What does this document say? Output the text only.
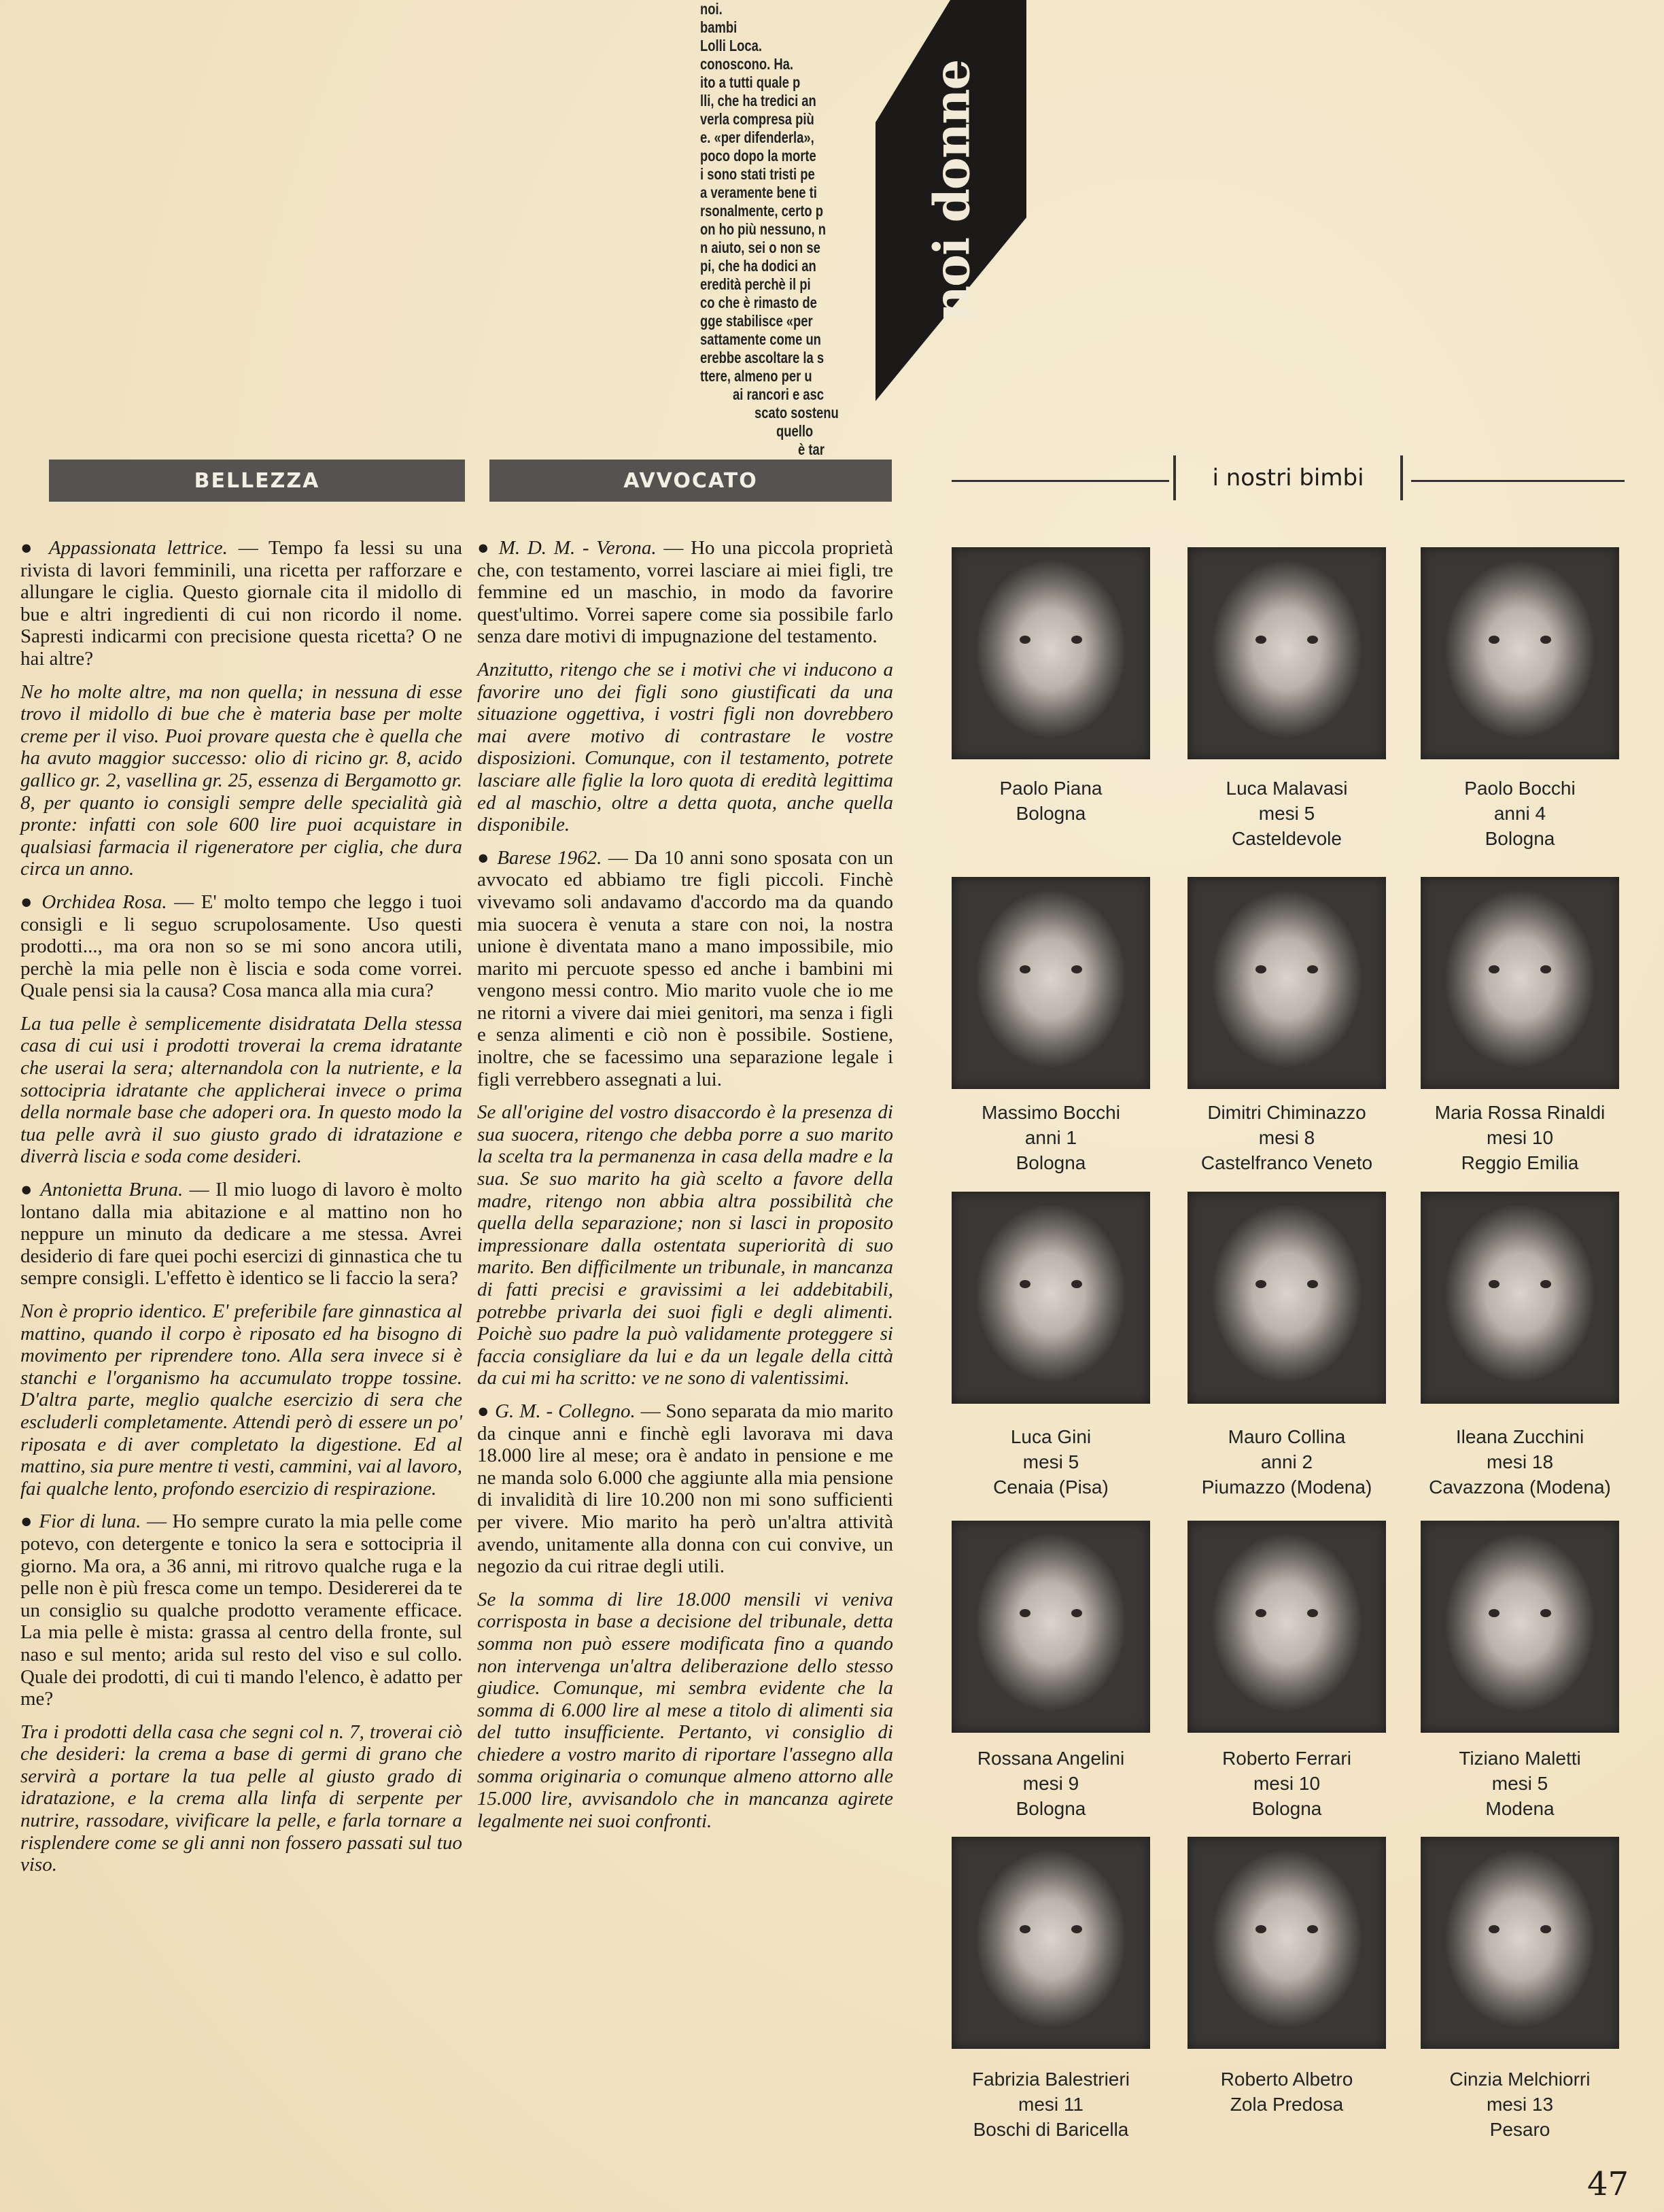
noi.
bambi
Lolli Loca.
conoscono. Ha.
ito a tutti quale p
lli, che ha tredici an
verla compresa più
e. «per difenderla»,
poco dopo la morte
i sono stati tristi pe
a veramente bene ti
rsonalmente, certo p
on ho più nessuno, n
n aiuto, sei o non se
pi, che ha dodici an
eredità perchè il pi
co che è rimasto de
gge stabilisce «per
sattamente come un
erebbe ascoltare la s
ttere, almeno per u
ai rancori e asc
scato sostenu
quello
è tar
noi donne
BELLEZZA	AVVOCATO

● Appassionata lettrice. — Tempo fa lessi su una rivista di lavori femminili, una ricetta per rafforzare e allungare le ciglia. Questo giornale cita il midollo di bue e altri ingredienti di cui non ricordo il nome. Sapresti indicarmi con precisione questa ricetta? O ne hai altre?

Ne ho molte altre, ma non quella; in nessuna di esse trovo il midollo di bue che è materia base per molte creme per il viso. Puoi provare questa che è quella che ha avuto maggior successo: olio di ricino gr. 8, acido gallico gr. 2, vasellina gr. 25, essenza di Bergamotto gr. 8, per quanto io consigli sempre delle specialità già pronte: infatti con sole 600 lire puoi acquistare in qualsiasi farmacia il rigeneratore per ciglia, che dura circa un anno.

● Orchidea Rosa. — E' molto tempo che leggo i tuoi consigli e li seguo scrupolosamente. Uso questi prodotti..., ma ora non so se mi sono ancora utili, perchè la mia pelle non è liscia e soda come vorrei. Quale pensi sia la causa? Cosa manca alla mia cura?

La tua pelle è semplicemente disidratata Della stessa casa di cui usi i prodotti troverai la crema idratante che userai la sera; alternandola con la nutriente, e la sottocipria idratante che applicherai invece o prima della normale base che adoperi ora. In questo modo la tua pelle avrà il suo giusto grado di idratazione e diverrà liscia e soda come desideri.

● Antonietta Bruna. — Il mio luogo di lavoro è molto lontano dalla mia abitazione e al mattino non ho neppure un minuto da dedicare a me stessa. Avrei desiderio di fare quei pochi esercizi di ginnastica che tu sempre consigli. L'effetto è identico se li faccio la sera?

Non è proprio identico. E' preferibile fare ginnastica al mattino, quando il corpo è riposato ed ha bisogno di movimento per riprendere tono. Alla sera invece si è stanchi e l'organismo ha accumulato troppe tossine. D'altra parte, meglio qualche esercizio di sera che escluderli completamente. Attendi però di essere un po' riposata e di aver completato la digestione. Ed al mattino, sia pure mentre ti vesti, cammini, vai al lavoro, fai qualche lento, profondo esercizio di respirazione.

● Fior di luna. — Ho sempre curato la mia pelle come potevo, con detergente e tonico la sera e sottocipria il giorno. Ma ora, a 36 anni, mi ritrovo qualche ruga e la pelle non è più fresca come un tempo. Desidererei da te un consiglio su qualche prodotto veramente efficace. La mia pelle è mista: grassa al centro della fronte, sul naso e sul mento; arida sul resto del viso e sul collo. Quale dei prodotti, di cui ti mando l'elenco, è adatto per me?

Tra i prodotti della casa che segni col n. 7, troverai ciò che desideri: la crema a base di germi di grano che servirà a portare la tua pelle al giusto grado di idratazione, e la crema alla linfa di serpente per nutrire, rassodare, vivificare la pelle, e farla tornare a risplendere come se gli anni non fossero passati sul tuo viso.

● M. D. M. - Verona. — Ho una piccola proprietà che, con testamento, vorrei lasciare ai miei figli, tre femmine ed un maschio, in modo da favorire quest'ultimo. Vorrei sapere come sia possibile farlo senza dare motivi di impugnazione del testamento.

Anzitutto, ritengo che se i motivi che vi inducono a favorire uno dei figli sono giustificati da una situazione oggettiva, i vostri figli non dovrebbero mai avere motivo di contrastare le vostre disposizioni. Comunque, con il testamento, potrete lasciare alle figlie la loro quota di eredità legittima ed al maschio, oltre a detta quota, anche quella disponibile.

● Barese 1962. — Da 10 anni sono sposata con un avvocato ed abbiamo tre figli piccoli. Finchè vivevamo soli andavamo d'accordo ma da quando mia suocera è venuta a stare con noi, la nostra unione è diventata mano a mano impossibile, mio marito mi percuote spesso ed anche i bambini mi vengono messi contro. Mio marito vuole che io me ne ritorni a vivere dai miei genitori, ma senza i figli e senza alimenti e ciò non è possibile. Sostiene, inoltre, che se facessimo una separazione legale i figli verrebbero assegnati a lui.

Se all'origine del vostro disaccordo è la presenza di sua suocera, ritengo che debba porre a suo marito la scelta tra la permanenza in casa della madre e la sua. Se suo marito ha già scelto a favore della madre, ritengo non abbia altra possibilità che quella della separazione; non si lasci in proposito impressionare dalla ostentata superiorità di suo marito. Ben difficilmente un tribunale, in mancanza di fatti precisi e gravissimi a lei addebitabili, potrebbe privarla dei suoi figli e degli alimenti. Poichè suo padre la può validamente proteggere si faccia consigliare da lui e da un legale della città da cui mi ha scritto: ve ne sono di valentissimi.

● G. M. - Collegno. — Sono separata da mio marito da cinque anni e finchè egli lavorava mi dava 18.000 lire al mese; ora è andato in pensione e me ne manda solo 6.000 che aggiunte alla mia pensione di invalidità di lire 10.200 non mi sono sufficienti per vivere. Mio marito ha però un'altra attività avendo, unitamente alla donna con cui convive, un negozio da cui ritrae degli utili.

Se la somma di lire 18.000 mensili vi veniva corrisposta in base a decisione del tribunale, detta somma non può essere modificata fino a quando non intervenga un'altra deliberazione dello stesso giudice. Comunque, mi sembra evidente che la somma di 6.000 lire al mese a titolo di alimenti sia del tutto insufficiente. Pertanto, vi consiglio di chiedere a vostro marito di riportare l'assegno alla somma originaria o comunque almeno attorno alle 15.000 lire, avvisandolo che in mancanza agirete legalmente nei suoi confronti.

i nostri bimbi
Paolo Piana
Bologna
Luca Malavasi
mesi 5
Casteldevole
Paolo Bocchi
anni 4
Bologna
Massimo Bocchi
anni 1
Bologna
Dimitri Chiminazzo
mesi 8
Castelfranco Veneto
Maria Rossa Rinaldi
mesi 10
Reggio Emilia
Luca Gini
mesi 5
Cenaia (Pisa)
Mauro Collina
anni 2
Piumazzo (Modena)
Ileana Zucchini
mesi 18
Cavazzona (Modena)
Rossana Angelini
mesi 9
Bologna
Roberto Ferrari
mesi 10
Bologna
Tiziano Maletti
mesi 5
Modena
Fabrizia Balestrieri
mesi 11
Boschi di Baricella
Roberto Albetro
Zola Predosa
Cinzia Melchiorri
mesi 13
Pesaro
47
